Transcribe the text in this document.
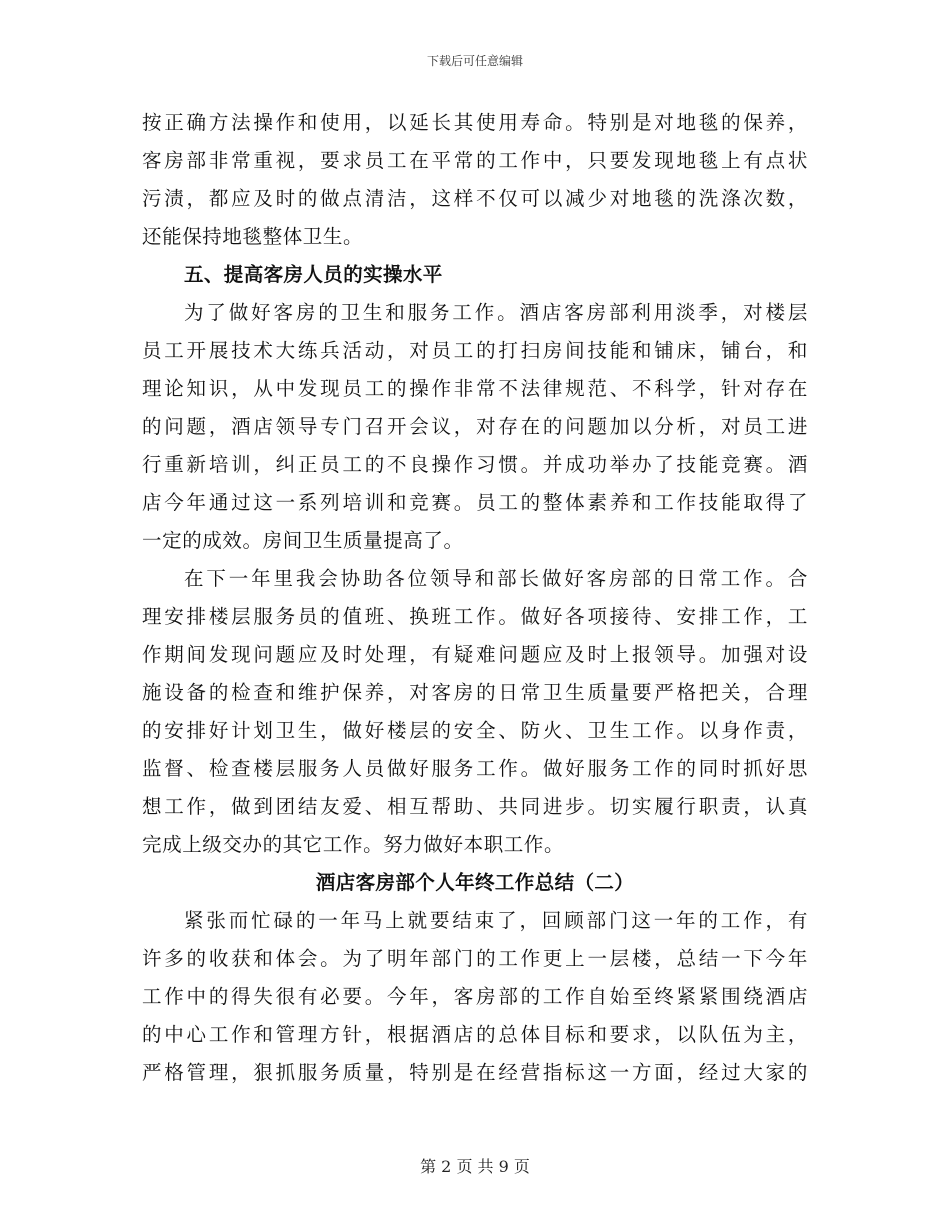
下载后可任意编辑
按正确方法操作和使用，以延长其使用寿命。特别是对地毯的保养，
客房部非常重视，要求员工在平常的工作中，只要发现地毯上有点状
污渍，都应及时的做点清洁，这样不仅可以减少对地毯的洗涤次数，
还能保持地毯整体卫生。
五、提高客房人员的实操水平
为了做好客房的卫生和服务工作。酒店客房部利用淡季，对楼层
员工开展技术大练兵活动，对员工的打扫房间技能和铺床，铺台，和
理论知识，从中发现员工的操作非常不法律规范、不科学，针对存在
的问题，酒店领导专门召开会议，对存在的问题加以分析，对员工进
行重新培训，纠正员工的不良操作习惯。并成功举办了技能竞赛。酒
店今年通过这一系列培训和竞赛。员工的整体素养和工作技能取得了
一定的成效。房间卫生质量提高了。
在下一年里我会协助各位领导和部长做好客房部的日常工作。合
理安排楼层服务员的值班、换班工作。做好各项接待、安排工作，工
作期间发现问题应及时处理，有疑难问题应及时上报领导。加强对设
施设备的检查和维护保养，对客房的日常卫生质量要严格把关，合理
的安排好计划卫生，做好楼层的安全、防火、卫生工作。以身作责，
监督、检查楼层服务人员做好服务工作。做好服务工作的同时抓好思
想工作，做到团结友爱、相互帮助、共同进步。切实履行职责，认真
完成上级交办的其它工作。努力做好本职工作。
酒店客房部个人年终工作总结（二）
紧张而忙碌的一年马上就要结束了，回顾部门这一年的工作，有
许多的收获和体会。为了明年部门的工作更上一层楼，总结一下今年
工作中的得失很有必要。今年，客房部的工作自始至终紧紧围绕酒店
的中心工作和管理方针，根据酒店的总体目标和要求，以队伍为主，
严格管理，狠抓服务质量，特别是在经营指标这一方面，经过大家的
第 2 页 共 9 页
